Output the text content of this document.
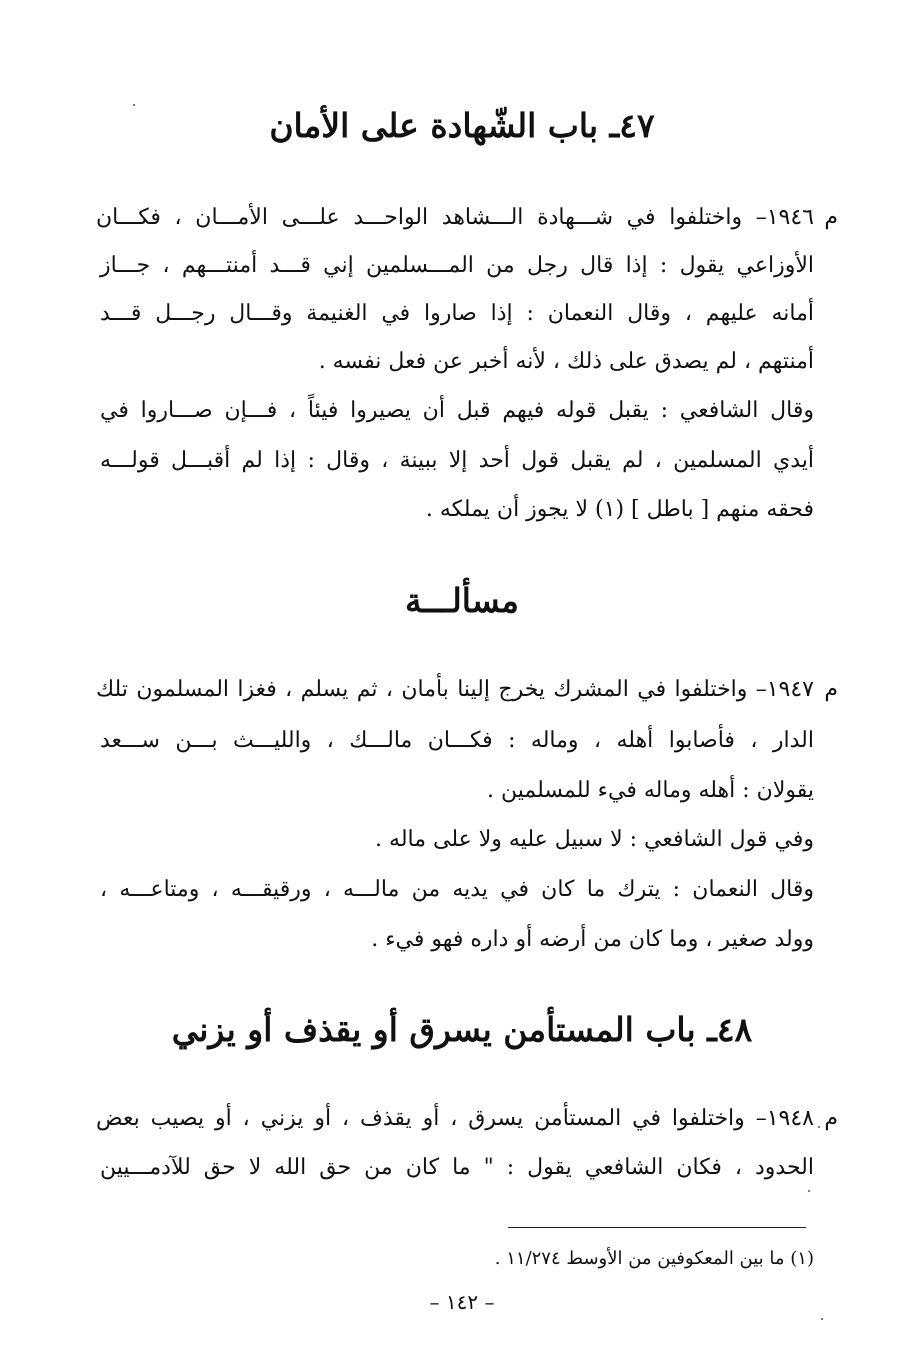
٤٧ـ باب الشّهادة على الأمان
م
١٩٤٦– واختلفوا في شـــهادة الـــشاهد الواحـــد علـــى الأمـــان ، فكـــان
الأوزاعي يقول : إذا قال رجل من المـــسلمين إني قـــد أمنتـــهم ، جـــاز
أمانه عليهم ، وقال النعمان : إذا صاروا في الغنيمة وقـــال رجـــل قـــد
أمنتهم ، لم يصدق على ذلك ، لأنه أخبر عن فعل نفسه .
وقال الشافعي : يقبل قوله فيهم قبل أن يصيروا فيئاً ، فـــإن صـــاروا في
أيدي المسلمين ، لم يقبل قول أحد إلا ببينة ، وقال : إذا لم أقبـــل قولـــه
فحقه منهم [ باطل ] (١) لا يجوز أن يملكه .
مسألـــة
م
١٩٤٧– واختلفوا في المشرك يخرج إلينا بأمان ، ثم يسلم ، فغزا المسلمون تلك
الدار ، فأصابوا أهله ، وماله : فكـــان مالـــك ، والليـــث بـــن ســـعد
يقولان : أهله وماله فيء للمسلمين .
وفي قول الشافعي : لا سبيل عليه ولا على ماله .
وقال النعمان : يترك ما كان في يديه من مالـــه ، ورقيقـــه ، ومتاعـــه ،
وولد صغير ، وما كان من أرضه أو داره فهو فيء .
٤٨ـ باب المستأمن يسرق أو يقذف أو يزني
م
١٩٤٨– واختلفوا في المستأمن يسرق ، أو يقذف ، أو يزني ، أو يصيب بعض
الحدود ، فكان الشافعي يقول : " ما كان من حق الله لا حق للآدمـــيين
(١) ما بين المعكوفين من الأوسط ١١/٢٧٤ .
– ١٤٢ –
